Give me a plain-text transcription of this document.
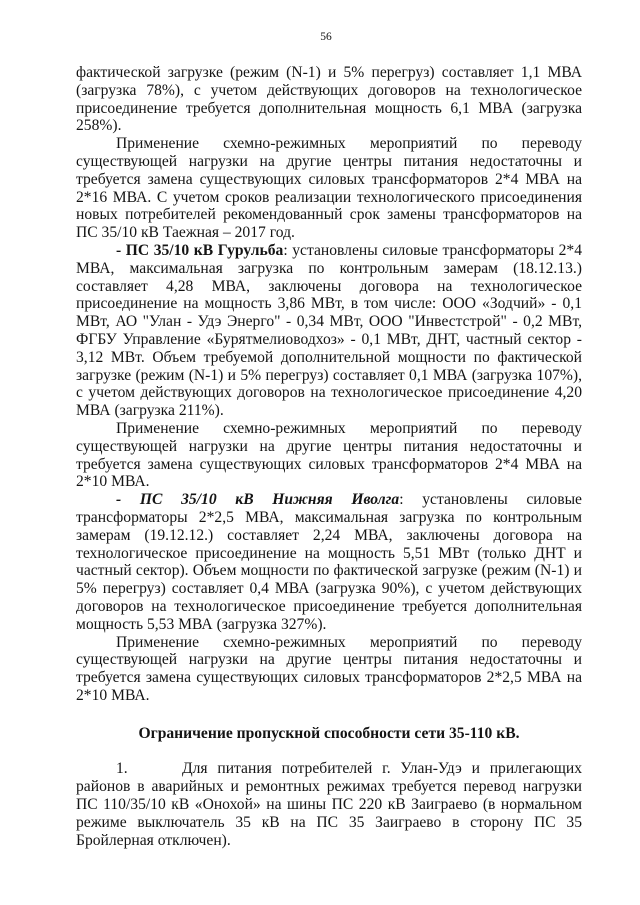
56

фактической загрузке (режим (N-1) и 5% перегруз) составляет 1,1 МВА (загрузка 78%), с учетом действующих договоров на технологическое присоединение требуется дополнительная мощность 6,1 МВА (загрузка 258%).

Применение схемно-режимных мероприятий по переводу существующей нагрузки на другие центры питания недостаточны и требуется замена существующих силовых трансформаторов 2*4 МВА на 2*16 МВА. С учетом сроков реализации технологического присоединения новых потребителей рекомендованный срок замены трансформаторов на ПС 35/10 кВ Таежная – 2017 год.

- ПС 35/10 кВ Гурульба: установлены силовые трансформаторы 2*4 МВА, максимальная загрузка по контрольным замерам (18.12.13.) составляет 4,28 МВА, заключены договора на технологическое присоединение на мощность 3,86 МВт, в том числе: ООО «Зодчий» - 0,1 МВт, АО "Улан - Удэ Энерго" - 0,34 МВт, ООО "Инвестстрой" - 0,2 МВт, ФГБУ Управление «Бурятмелиоводхоз» - 0,1 МВт, ДНТ, частный сектор - 3,12 МВт. Объем требуемой дополнительной мощности по фактической загрузке (режим (N-1) и 5% перегруз) составляет 0,1 МВА (загрузка 107%), с учетом действующих договоров на технологическое присоединение 4,20 МВА (загрузка 211%).

Применение схемно-режимных мероприятий по переводу существующей нагрузки на другие центры питания недостаточны и требуется замена существующих силовых трансформаторов 2*4 МВА на 2*10 МВА.

- ПС 35/10 кВ Нижняя Иволга: установлены силовые трансформаторы 2*2,5 МВА, максимальная загрузка по контрольным замерам (19.12.12.) составляет 2,24 МВА, заключены договора на технологическое присоединение на мощность 5,51 МВт (только ДНТ и частный сектор). Объем мощности по фактической загрузке (режим (N-1) и 5% перегруз) составляет 0,4 МВА (загрузка 90%), с учетом действующих договоров на технологическое присоединение требуется дополнительная мощность 5,53 МВА (загрузка 327%).

Применение схемно-режимных мероприятий по переводу существующей нагрузки на другие центры питания недостаточны и требуется замена существующих силовых трансформаторов 2*2,5 МВА на 2*10 МВА.

Ограничение пропускной способности сети 35-110 кВ.

1.	Для питания потребителей г. Улан-Удэ и прилегающих районов в аварийных и ремонтных режимах требуется перевод нагрузки ПС 110/35/10 кВ «Онохой» на шины ПС 220 кВ Заиграево (в нормальном режиме выключатель 35 кВ на ПС 35 Заиграево в сторону ПС 35 Бройлерная отключен).
